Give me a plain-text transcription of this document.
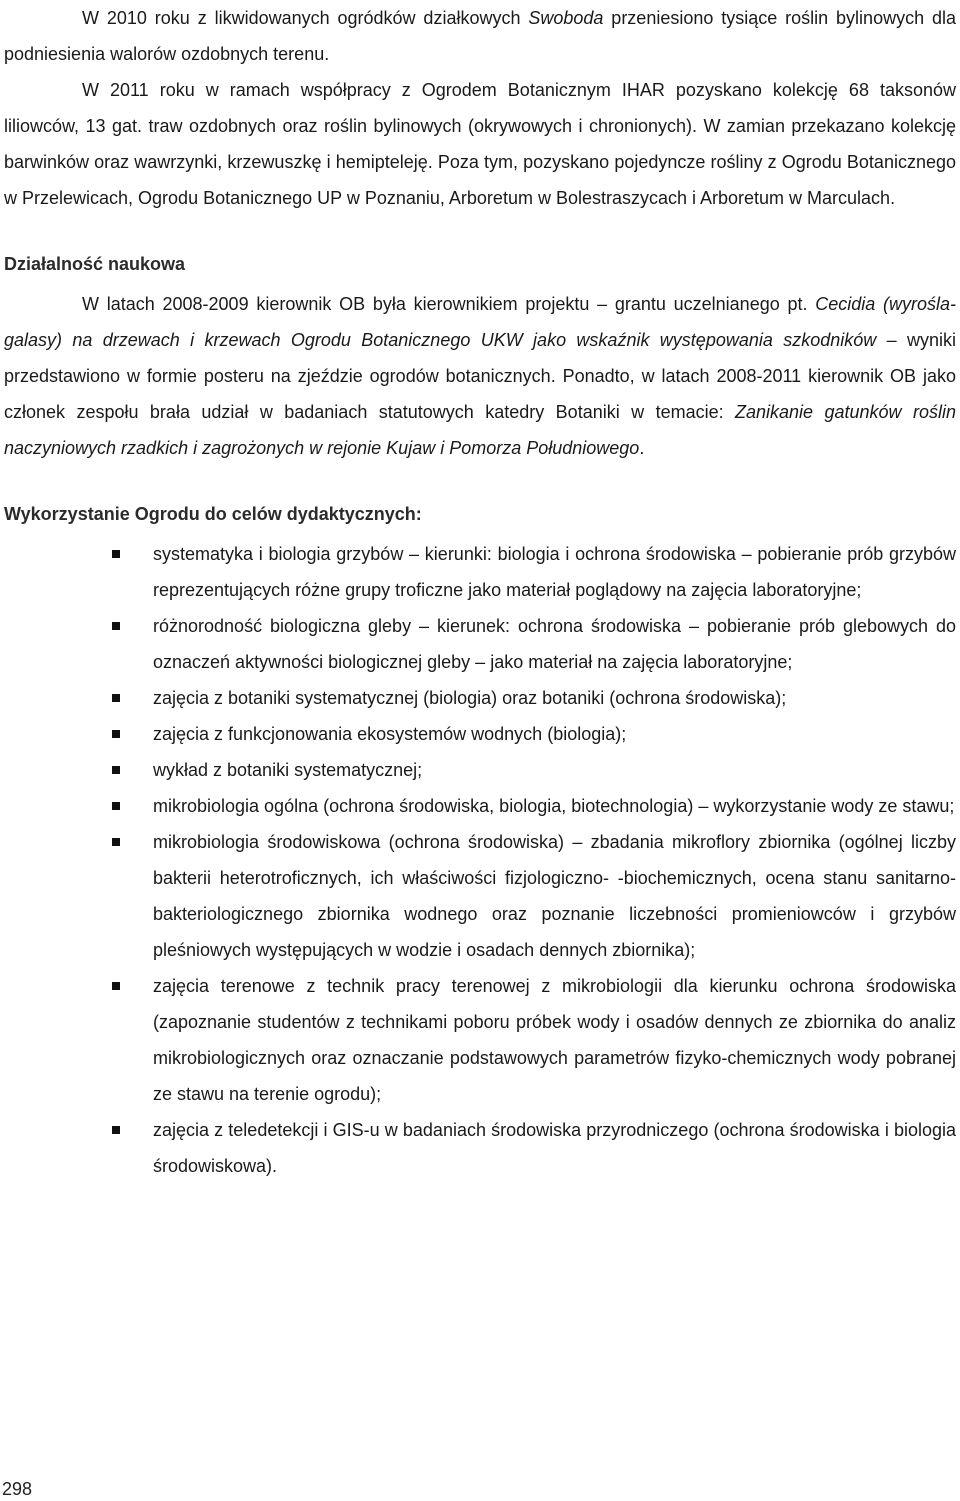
W 2010 roku z likwidowanych ogródków działkowych Swoboda przeniesiono tysiące roślin bylinowych dla podniesienia walorów ozdobnych terenu.

W 2011 roku w ramach współpracy z Ogrodem Botanicznym IHAR pozyskano kolekcję 68 taksonów liliowców, 13 gat. traw ozdobnych oraz roślin bylinowych (okrywowych i chronionych). W zamian przekazano kolekcję barwinków oraz wawrzynki, krzewuszkę i hemipteleję. Poza tym, pozyskano pojedyncze rośliny z Ogrodu Botanicznego w Przelewicach, Ogrodu Botanicznego UP w Poznaniu, Arboretum w Bolestraszycach i Arboretum w Marculach.

Działalność naukowa

W latach 2008-2009 kierownik OB była kierownikiem projektu – grantu uczelnianego pt. Cecidia (wyrośla-galasy) na drzewach i krzewach Ogrodu Botanicznego UKW jako wskaźnik występowania szkodników – wyniki przedstawiono w formie posteru na zjeździe ogrodów botanicznych. Ponadto, w latach 2008-2011 kierownik OB jako członek zespołu brała udział w badaniach statutowych katedry Botaniki w temacie: Zanikanie gatunków roślin naczyniowych rzadkich i zagrożonych w rejonie Kujaw i Pomorza Południowego.

Wykorzystanie Ogrodu do celów dydaktycznych:

systematyka i biologia grzybów – kierunki: biologia i ochrona środowiska – pobieranie prób grzybów reprezentujących różne grupy troficzne jako materiał poglądowy na zajęcia laboratoryjne;
różnorodność biologiczna gleby – kierunek: ochrona środowiska – pobieranie prób glebowych do oznaczeń aktywności biologicznej gleby – jako materiał na zajęcia laboratoryjne;
zajęcia z botaniki systematycznej (biologia) oraz botaniki (ochrona środowiska);
zajęcia z funkcjonowania ekosystemów wodnych (biologia);
wykład z botaniki systematycznej;
mikrobiologia ogólna (ochrona środowiska, biologia, biotechnologia) – wykorzystanie wody ze stawu;
mikrobiologia środowiskowa (ochrona środowiska) – zbadania mikroflory zbiornika (ogólnej liczby bakterii heterotroficznych, ich właściwości fizjologiczno- -biochemicznych, ocena stanu sanitarno-bakteriologicznego zbiornika wodnego oraz poznanie liczebności promieniowców i grzybów pleśniowych występujących w wodzie i osadach dennych zbiornika);
zajęcia terenowe z technik pracy terenowej z mikrobiologii dla kierunku ochrona środowiska (zapoznanie studentów z technikami poboru próbek wody i osadów dennych ze zbiornika do analiz mikrobiologicznych oraz oznaczanie podstawowych parametrów fizyko-chemicznych wody pobranej ze stawu na terenie ogrodu);
zajęcia z teledetekcji i GIS-u w badaniach środowiska przyrodniczego (ochrona środowiska i biologia środowiskowa).
298
